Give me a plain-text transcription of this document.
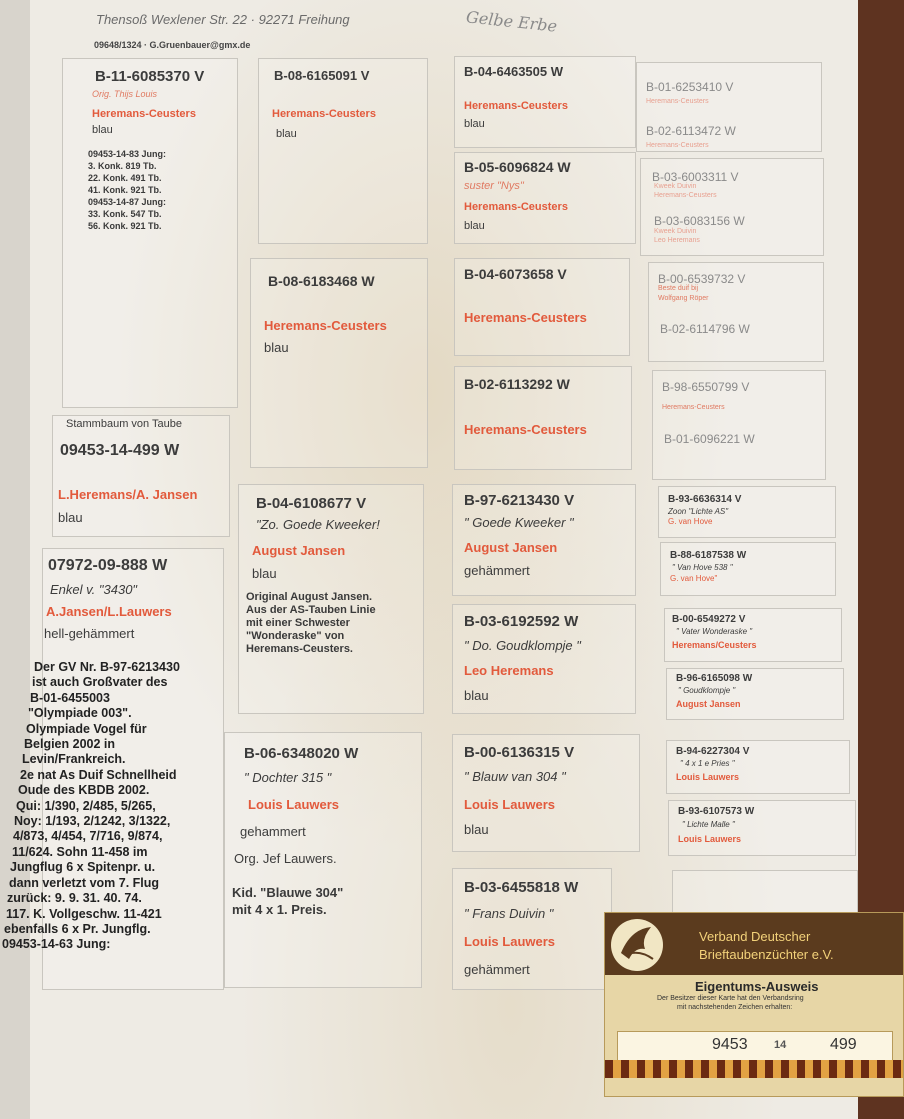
Thensoß Wexlener Str. 22 · 92271 Freihung
09648/1324 · G.Gruenbauer@gmx.de
Gelbe Erbe
B-11-6085370 V
Orig. Thijs Louis
Heremans-Ceusters
blau
09453-14-83 Jung:
3. Konk. 819 Tb.
22. Konk. 491 Tb.
41. Konk. 921 Tb.
09453-14-87 Jung:
33. Konk. 547 Tb.
56. Konk. 921 Tb.
Stammbaum von Taube
09453-14-499 W
L.Heremans/A. Jansen
blau
07972-09-888 W
Enkel v. "3430"
A.Jansen/L.Lauwers
hell-gehämmert
Der GV Nr. B-97-6213430
ist auch Großvater des
B-01-6455003
"Olympiade 003".
Olympiade Vogel für
Belgien 2002 in
Levin/Frankreich.
2e nat As Duif Schnellheid
Oude des KBDB 2002.
Qui: 1/390, 2/485, 5/265,
Noy: 1/193, 2/1242, 3/1322,
4/873, 4/454, 7/716, 9/874,
11/624. Sohn 11-458 im
Jungflug 6 x Spitenpr. u.
dann verletzt vom 7. Flug
zurück: 9. 9. 31. 40. 74.
117. K. Vollgeschw. 11-421
ebenfalls 6 x Pr. Jungflg.
09453-14-63 Jung:
B-08-6165091 V
Heremans-Ceusters
blau
B-08-6183468 W
Heremans-Ceusters
blau
B-04-6108677 V
"Zo. Goede Kweeker!
August Jansen
blau
Original August Jansen.
Aus der AS-Tauben Linie
mit einer Schwester
"Wonderaske" von
Heremans-Ceusters.
B-06-6348020 W
" Dochter 315 "
Louis Lauwers
gehammert
Org. Jef Lauwers.
Kid. "Blauwe 304"
mit 4 x 1. Preis.
B-04-6463505 W
Heremans-Ceusters
blau
B-05-6096824 W
suster "Nys"
Heremans-Ceusters
blau
B-04-6073658 V
Heremans-Ceusters
B-02-6113292 W
Heremans-Ceusters
B-97-6213430 V
" Goede Kweeker "
August Jansen
gehämmert
B-03-6192592 W
" Do. Goudklompje "
Leo Heremans
blau
B-00-6136315 V
" Blauw van 304 "
Louis Lauwers
blau
B-03-6455818 W
" Frans Duivin "
Louis Lauwers
gehämmert
B-01-6253410 V
Heremans-Ceusters
B-02-6113472 W
Heremans-Ceusters
B-03-6003311 V
Kweek Duivin
Heremans-Ceusters
B-03-6083156 W
Kweek Duivin
Leo Heremans
B-00-6539732 V
Beste duif bij
Wolfgang Röper
B-02-6114796 W
B-98-6550799 V
Heremans-Ceusters
B-01-6096221 W
B-93-6636314 V
Zoon "Lichte AS"
G. van Hove
B-88-6187538 W
" Van Hove 538 "
G. van Hove"
B-00-6549272 V
" Vater Wonderaske "
Heremans/Ceusters
B-96-6165098 W
" Goudklompje "
August Jansen
B-94-6227304 V
" 4 x 1 e Pries "
Louis Lauwers
B-93-6107573 W
" Lichte Malle "
Louis Lauwers
Verband Deutscher
Brieftaubenzüchter e.V.
Eigentums-Ausweis
Der Besitzer dieser Karte hat den Verbandsring
mit nachstehenden Zeichen erhalten:
9453 14	499
